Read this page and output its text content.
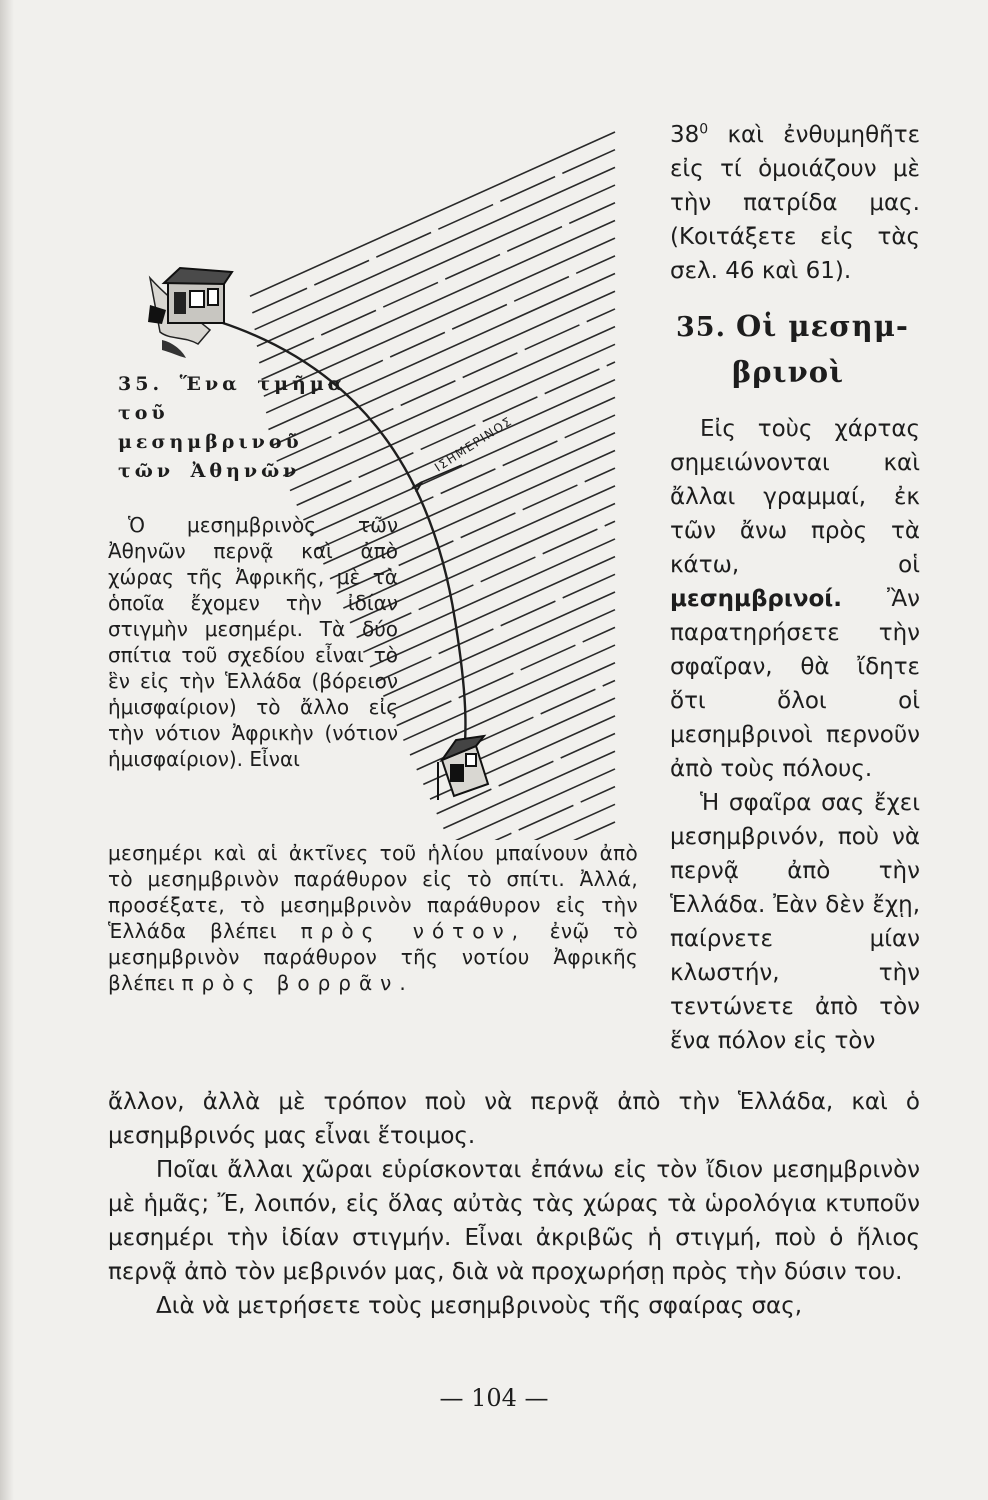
ΙΣΗΜΕΡΙΝΟΣ
35. Ἕνα τμῆμα τοῦ μεσημβρινοῦ τῶν Ἀθηνῶν
Ὁ μεσημβρινὸς τῶν Ἀθηνῶν περνᾷ καὶ ἀπὸ χώρας τῆς Ἀφρικῆς, μὲ τὰ ὁποῖα ἔχομεν τὴν ἰδίαν στιγμὴν μεσημέρι. Τὰ δύο σπίτια τοῦ σχεδίου εἶναι τὸ ἓν εἰς τὴν Ἑλλάδα (βόρειον ἡμισφαίριον) τὸ ἄλλο εἰς τὴν νότιον Ἀφρικὴν (νότιον ἡμισφαίριον). Εἶναι
μεσημέρι καὶ αἱ ἀκτῖνες τοῦ ἡλίου μπαίνουν ἀπὸ τὸ μεσημβρινὸν παράθυρον εἰς τὸ σπίτι. Ἀλλά, προσέξατε, τὸ μεσημβρινὸν παράθυρον εἰς τὴν Ἑλλάδα βλέπει πρὸς νότον, ἐνῷ τὸ μεσημβρινὸν παράθυρον τῆς νοτίου Ἀφρικῆς βλέπει πρὸς βορρᾶν.

$38^0$ καὶ ἐνθυμηθῆτε εἰς τί ὁμοιάζουν μὲ τὴν πατρίδα μας. (Κοιτάξετε εἰς τὰς σελ. 46 καὶ 61).

35. Οἱ μεσημ-
βρινοὶ

Εἰς τοὺς χάρτας σημειώνονται καὶ ἄλλαι γραμμαί, ἐκ τῶν ἄνω πρὸς τὰ κάτω, οἱ μεσημβρινοί. Ἂν παρατηρήσετε τὴν σφαῖραν, θὰ ἴδητε ὅτι ὅλοι οἱ μεσημβρινοὶ περνοῦν ἀπὸ τοὺς πόλους.

Ἡ σφαῖρα σας ἔχει μεσημβρινόν, ποὺ νὰ περνᾷ ἀπὸ τὴν Ἑλλάδα. Ἐὰν δὲν ἔχῃ, παίρνετε μίαν κλωστήν, τὴν τεντώνετε ἀπὸ τὸν ἕνα πόλον εἰς τὸν

ἄλλον, ἀλλὰ μὲ τρόπον ποὺ νὰ περνᾷ ἀπὸ τὴν Ἑλλάδα, καὶ ὁ μεσημβρινός μας εἶναι ἕτοιμος.

Ποῖαι ἄλλαι χῶραι εὑρίσκονται ἐπάνω εἰς τὸν ἴδιον μεσημβρινὸν μὲ ἡμᾶς; Ἔ, λοιπόν, εἰς ὅλας αὐτὰς τὰς χώρας τὰ ὡρολόγια κτυποῦν μεσημέρι τὴν ἰδίαν στιγμήν. Εἶναι ἀκριβῶς ἡ στιγμή, ποὺ ὁ ἥλιος περνᾷ ἀπὸ τὸν μεβρινόν μας, διὰ νὰ προχωρήσῃ πρὸς τὴν δύσιν του.

Διὰ νὰ μετρήσετε τοὺς μεσημβρινοὺς τῆς σφαίρας σας,

— 104 —
